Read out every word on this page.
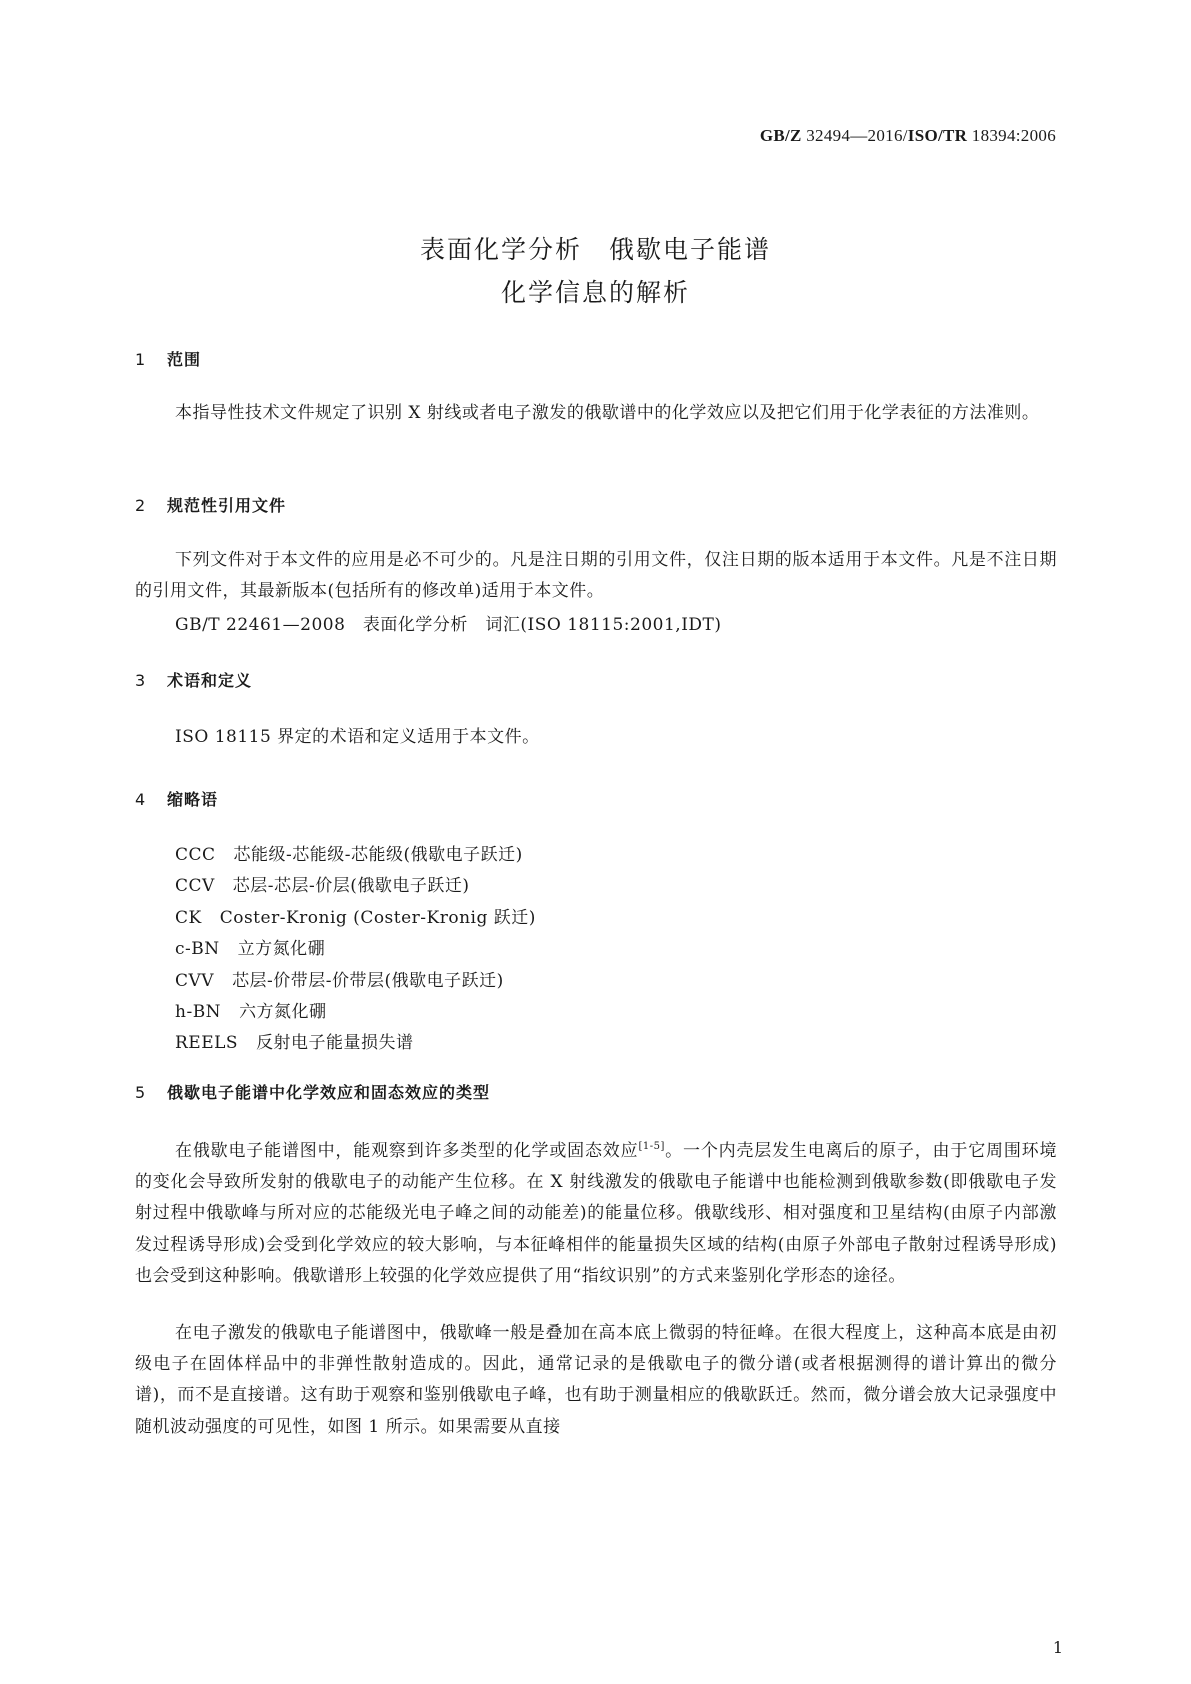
GB/Z 32494—2016/ISO/TR 18394:2006
表面化学分析　俄歇电子能谱
化学信息的解析
1 范围

本指导性技术文件规定了识别 X 射线或者电子激发的俄歇谱中的化学效应以及把它们用于化学表征的方法准则。

2 规范性引用文件

下列文件对于本文件的应用是必不可少的。凡是注日期的引用文件，仅注日期的版本适用于本文件。凡是不注日期的引用文件，其最新版本(包括所有的修改单)适用于本文件。

GB/T 22461—2008　表面化学分析　词汇(ISO 18115:2001,IDT)
3 术语和定义

ISO 18115 界定的术语和定义适用于本文件。

4 缩略语
CCC 芯能级-芯能级-芯能级(俄歇电子跃迁)
CCV 芯层-芯层-价层(俄歇电子跃迁)
CK Coster-Kronig (Coster-Kronig 跃迁)
c-BN 立方氮化硼
CVV 芯层-价带层-价带层(俄歇电子跃迁)
h-BN 六方氮化硼
REELS 反射电子能量损失谱
5 俄歇电子能谱中化学效应和固态效应的类型

在俄歇电子能谱图中，能观察到许多类型的化学或固态效应[1-5]。一个内壳层发生电离后的原子，由于它周围环境的变化会导致所发射的俄歇电子的动能产生位移。在 X 射线激发的俄歇电子能谱中也能检测到俄歇参数(即俄歇电子发射过程中俄歇峰与所对应的芯能级光电子峰之间的动能差)的能量位移。俄歇线形、相对强度和卫星结构(由原子内部激发过程诱导形成)会受到化学效应的较大影响，与本征峰相伴的能量损失区域的结构(由原子外部电子散射过程诱导形成)也会受到这种影响。俄歇谱形上较强的化学效应提供了用“指纹识别”的方式来鉴别化学形态的途径。

在电子激发的俄歇电子能谱图中，俄歇峰一般是叠加在高本底上微弱的特征峰。在很大程度上，这种高本底是由初级电子在固体样品中的非弹性散射造成的。因此，通常记录的是俄歇电子的微分谱(或者根据测得的谱计算出的微分谱)，而不是直接谱。这有助于观察和鉴别俄歇电子峰，也有助于测量相应的俄歇跃迁。然而，微分谱会放大记录强度中随机波动强度的可见性，如图 1 所示。如果需要从直接

1
